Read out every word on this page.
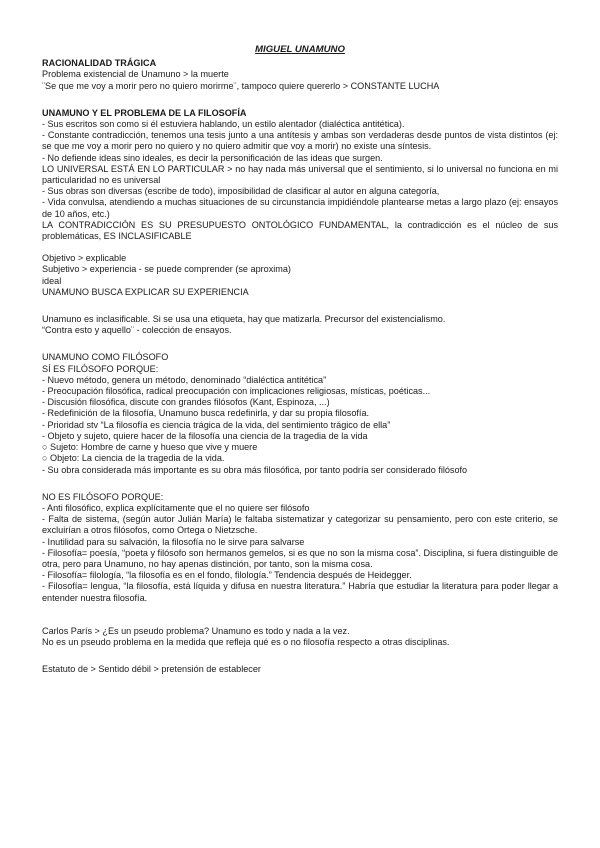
MIGUEL UNAMUNO
RACIONALIDAD TRÁGICA
Problema existencial de Unamuno > la muerte
¨Se que me voy a morir pero no quiero morirme¨, tampoco quiere quererlo > CONSTANTE LUCHA
UNAMUNO Y EL PROBLEMA DE LA FILOSOFÍA
- Sus escritos son como si él estuviera hablando, un estilo alentador (dialéctica antitética).
- Constante contradicción, tenemos una tesis junto a una antítesis y ambas son verdaderas desde puntos de vista distintos (ej: se que me voy a morir pero no quiero y no quiero admitir que voy a morir) no existe una síntesis.
- No defiende ideas sino ideales, es decir la personificación de las ideas que surgen.
LO UNIVERSAL ESTÁ EN LO PARTICULAR > no hay nada más universal que el sentimiento, si lo universal no funciona en mi particularidad no es universal
- Sus obras son diversas (escribe de todo), imposibilidad de clasificar al autor en alguna categoría,
- Vida convulsa, atendiendo a muchas situaciones de su circunstancia impidiéndole plantearse metas a largo plazo (ej: ensayos de 10 años, etc.)
LA CONTRADICCIÓN ES SU PRESUPUESTO ONTOLÓGICO FUNDAMENTAL, la contradicción es el núcleo de sus problemáticas, ES INCLASIFICABLE
Objetivo > explicable
Subjetivo > experiencia - se puede comprender (se aproxima)
ideal
UNAMUNO BUSCA EXPLICAR SU EXPERIENCIA
Unamuno es inclasificable. Si se usa una etiqueta, hay que matizarla. Precursor del existencialismo.
“Contra esto y aquello¨ - colección de ensayos.
UNAMUNO COMO FILÓSOFO
SÍ ES FILÓSOFO PORQUE:
- Nuevo método, genera un método, denominado “dialéctica antitética”
- Preocupación filosófica, radical preocupación con implicaciones religiosas, místicas, poéticas...
- Discusión filosófica, discute con grandes filósofos (Kant, Espinoza, ...)
- Redefinición de la filosofía, Unamuno busca redefinirla, y dar su propia filosofía.
- Prioridad stv “La filosofía es ciencia trágica de la vida, del sentimiento trágico de ella”
- Objeto y sujeto, quiere hacer de la filosofía una ciencia de la tragedia de la vida
○ Sujeto: Hombre de carne y hueso que vive y muere
○ Objeto: La ciencia de la tragedia de la vida.
- Su obra considerada más importante es su obra más filosófica, por tanto podría ser considerado filósofo
NO ES FILÓSOFO PORQUE:
- Anti filosófico, explica explícitamente que el no quiere ser filósofo
- Falta de sistema, (según autor Julián María) le faltaba sistematizar y categorizar su pensamiento, pero con este criterio, se excluirían a otros filósofos, como Ortega o Nietzsche.
- Inutilidad para su salvación, la filosofía no le sirve para salvarse
- Filosofía= poesía, “poeta y filósofo son hermanos gemelos, si es que no son la misma cosa”. Disciplina, si fuera distinguible de otra, pero para Unamuno, no hay apenas distinción, por tanto, son la misma cosa.
- Filosofía= filología, “la filosofía es en el fondo, filología.” Tendencia después de Heidegger.
- Filosofía= lengua, “la filosofía, está líquida y difusa en nuestra literatura.” Habría que estudiar la literatura para poder llegar a entender nuestra filosofía.
Carlos París > ¿Es un pseudo problema? Unamuno es todo y nada a la vez.
No es un pseudo problema en la medida que refleja qué es o no filosofía respecto a otras disciplinas.
Estatuto de > Sentido débil > pretensión de establecer
